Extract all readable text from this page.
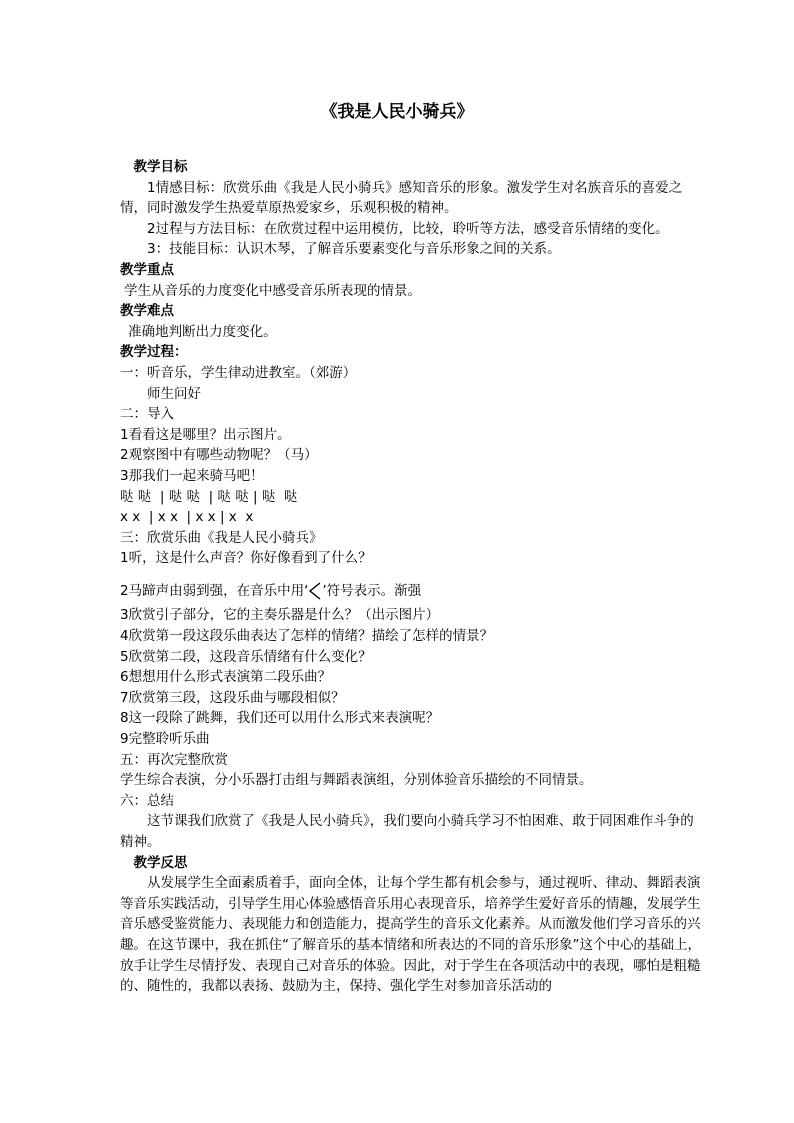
《我是人民小骑兵》

教学目标

1情感目标：欣赏乐曲《我是人民小骑兵》感知音乐的形象。激发学生对名族音乐的喜爱之情，同时激发学生热爱草原热爱家乡，乐观积极的精神。

2过程与方法目标：在欣赏过程中运用模仿，比较，聆听等方法，感受音乐情绪的变化。

3：技能目标：认识木琴，了解音乐要素变化与音乐形象之间的关系。

教学重点

学生从音乐的力度变化中感受音乐所表现的情景。

教学难点

准确地判断出力度变化。

教学过程：

一：听音乐，学生律动进教室。（郊游）

师生问好

二：导入

1看看这是哪里？出示图片。

2观察图中有哪些动物呢？（马）

3那我们一起来骑马吧！

哒 哒  | 哒 哒  | 哒 哒 | 哒  哒

x x  | x x  | x x | x  x

三：欣赏乐曲《我是人民小骑兵》

1听，这是什么声音？你好像看到了什么？

2马蹄声由弱到强，在音乐中用‘ ’符号表示。渐强

3欣赏引子部分，它的主奏乐器是什么？（出示图片）

4欣赏第一段这段乐曲表达了怎样的情绪？描绘了怎样的情景？

5欣赏第二段，这段音乐情绪有什么变化？

6想想用什么形式表演第二段乐曲？

7欣赏第三段，这段乐曲与哪段相似？

8这一段除了跳舞，我们还可以用什么形式来表演呢？

9完整聆听乐曲

五：再次完整欣赏

学生综合表演，分小乐器打击组与舞蹈表演组，分别体验音乐描绘的不同情景。

六：总结

这节课我们欣赏了《我是人民小骑兵》，我们要向小骑兵学习不怕困难、敢于同困难作斗争的精神。

教学反思

从发展学生全面素质着手，面向全体，让每个学生都有机会参与，通过视听、律动、舞蹈表演等音乐实践活动，引导学生用心体验感悟音乐用心表现音乐，培养学生爱好音乐的情趣，发展学生音乐感受鉴赏能力、表现能力和创造能力，提高学生的音乐文化素养。从而激发他们学习音乐的兴趣。在这节课中，我在抓住“了解音乐的基本情绪和所表达的不同的音乐形象”这个中心的基础上，放手让学生尽情抒发、表现自己对音乐的体验。因此，对于学生在各项活动中的表现，哪怕是粗糙的、随性的，我都以表扬、鼓励为主，保持、强化学生对参加音乐活动的
